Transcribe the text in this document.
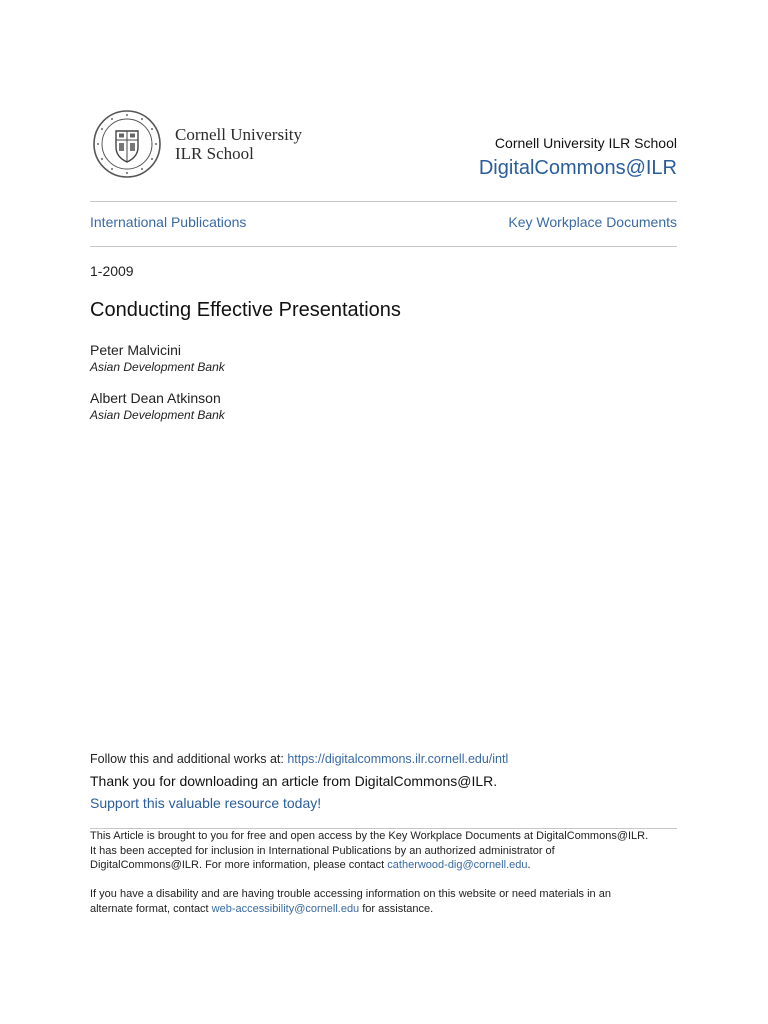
Cornell University
ILR School
Cornell University ILR School
DigitalCommons@ILR
International Publications	Key Workplace Documents
1-2009
Conducting Effective Presentations
Peter Malvicini
Asian Development Bank
Albert Dean Atkinson
Asian Development Bank
Follow this and additional works at: https://digitalcommons.ilr.cornell.edu/intl
Thank you for downloading an article from DigitalCommons@ILR.
Support this valuable resource today!
This Article is brought to you for free and open access by the Key Workplace Documents at DigitalCommons@ILR.
It has been accepted for inclusion in International Publications by an authorized administrator of
DigitalCommons@ILR. For more information, please contact catherwood-dig@cornell.edu.
If you have a disability and are having trouble accessing information on this website or need materials in an
alternate format, contact web-accessibility@cornell.edu for assistance.
